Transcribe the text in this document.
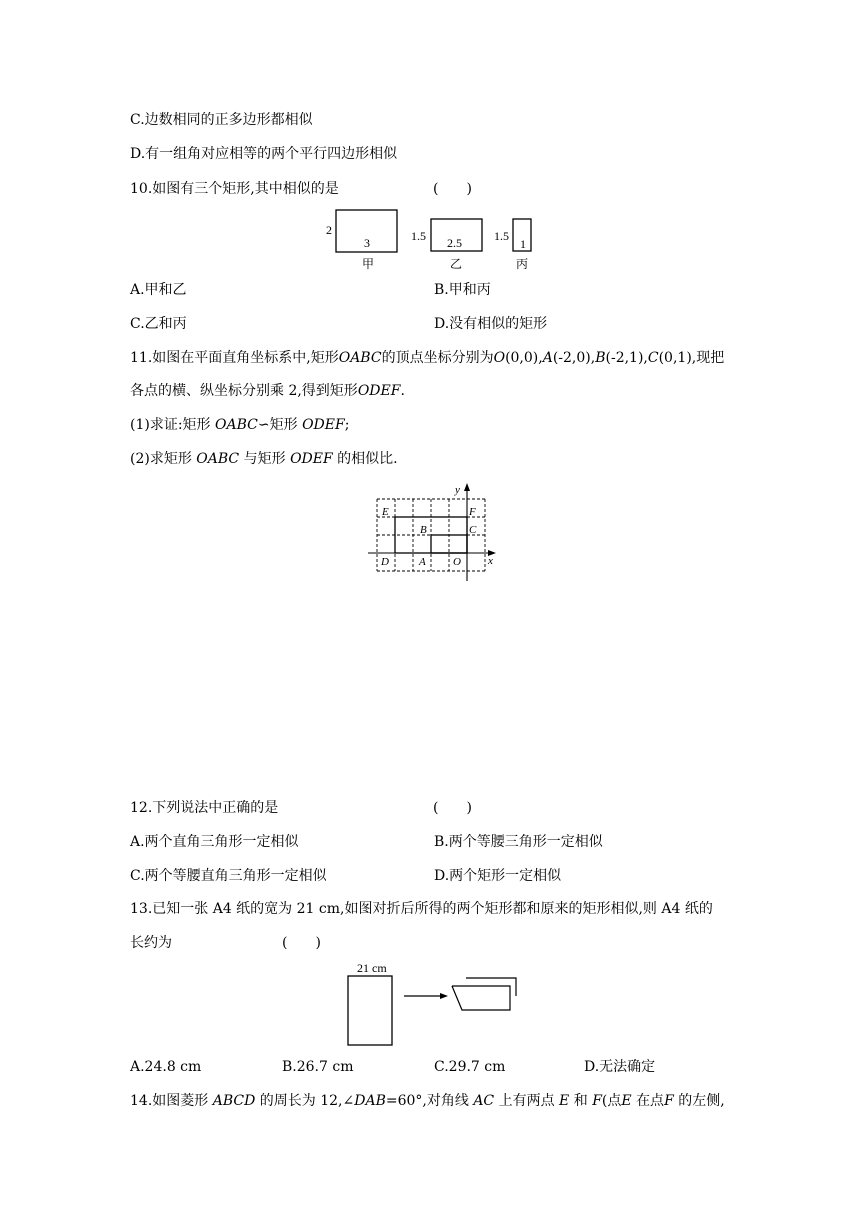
C.边数相同的正多边形都相似
D.有一组角对应相等的两个平行四边形相似
10.如图有三个矩形,其中相似的是	(　　)
2
3
甲
1.5 2.5
乙
1.5
1
丙
A.甲和乙	B.甲和丙
C.乙和丙	D.没有相似的矩形
11.如图在平面直角坐标系中,矩形OABC的顶点坐标分别为O(0,0),A(-2,0),B(-2,1),C(0,1),现把
各点的横、纵坐标分别乘 2,得到矩形ODEF.
(1)求证:矩形 OABC∽矩形 ODEF;
(2)求矩形 OABC 与矩形 ODEF 的相似比.
E	F
B	C
D	A O x
y
12.下列说法中正确的是	(　　)
A.两个直角三角形一定相似	B.两个等腰三角形一定相似
C.两个等腰直角三角形一定相似	D.两个矩形一定相似
13.已知一张 A4 纸的宽为 21 cm,如图对折后所得的两个矩形都和原来的矩形相似,则 A4 纸的
长约为	(　　)
21 cm
A.24.8 cm	B.26.7 cm	C.29.7 cm	D.无法确定
14.如图菱形 ABCD 的周长为 12,∠DAB=60°,对角线 AC 上有两点 E 和 F(点E 在点F 的左侧,
